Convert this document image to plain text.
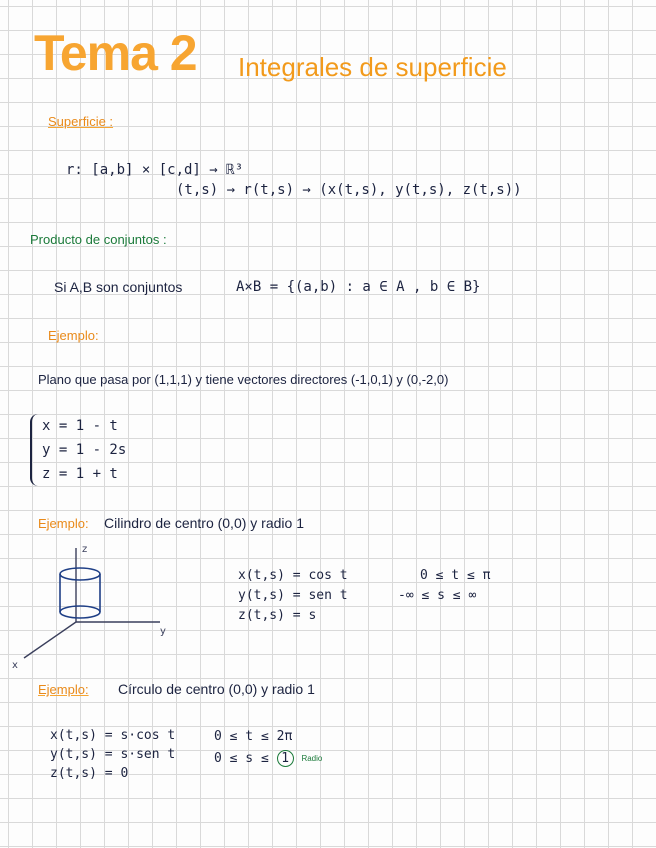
Tema 2 Integrales de superficie
Superficie :
r: [a,b] × [c,d] → ℝ³
(t,s) → r(t,s) → (x(t,s), y(t,s), z(t,s))
Producto de conjuntos :
Si A,B son conjuntos	A×B = {(a,b) : a ∈ A , b ∈ B}
Ejemplo:
Plano que pasa por (1,1,1) y tiene vectores directores (-1,0,1) y (0,-2,0)
x = 1 - t
y = 1 - 2s
z = 1 + t
Ejemplo: Cilindro de centro (0,0) y radio 1
z
y
x
x(t,s) = cos t
y(t,s) = sen t
z(t,s) = s
0 ≤ t ≤ π
-∞ ≤ s ≤ ∞
Ejemplo: Círculo de centro (0,0) y radio 1
x(t,s) = s·cos t
y(t,s) = s·sen t
z(t,s) = 0
0 ≤ t ≤ 2π
0 ≤ s ≤ 1 $^{Radio}$
